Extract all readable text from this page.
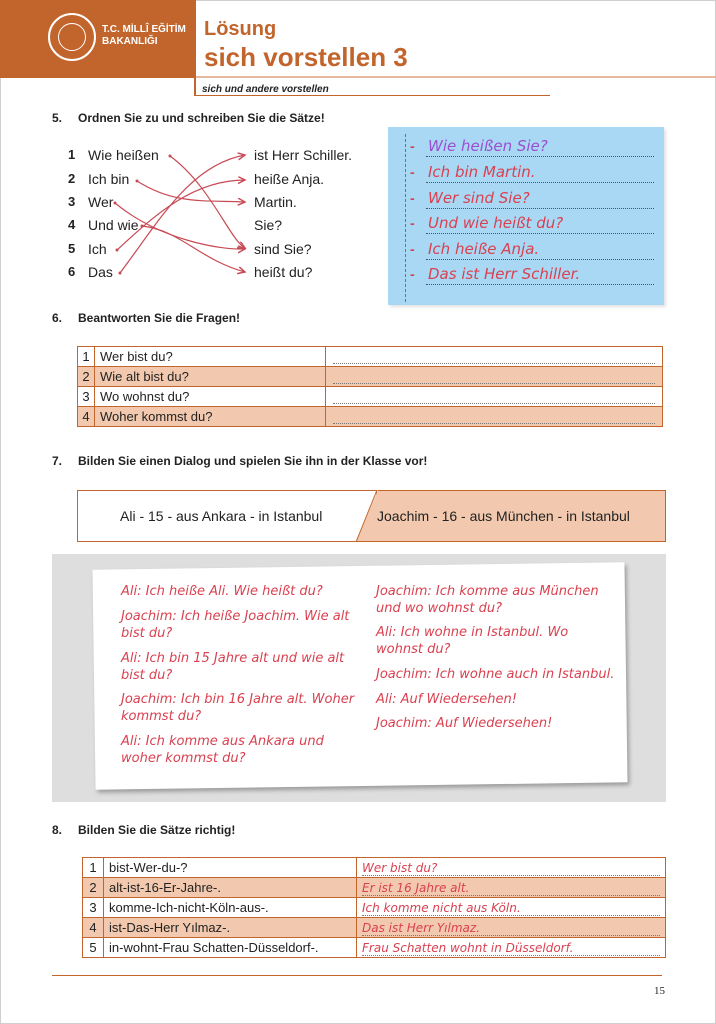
T.C. MİLLÎ EĞİTİM
BAKANLIĞI
Lösung
sich vorstellen 3
sich und andere vorstellen
5. Ordnen Sie zu und schreiben Sie die Sätze!
1 Wie heißen
2 Ich bin
3 Wer
4 Und wie
5 Ich
6 Das
ist Herr Schiller.
heiße Anja.
Martin.
Sie?
sind Sie?
heißt du?
- Wie heißen Sie?
- Ich bin Martin.
- Wer sind Sie?
- Und wie heißt du?
- Ich heiße Anja.
- Das ist Herr Schiller.
6. Beantworten Sie die Fragen!
1	Wer bist du?	

2	Wie alt bist du?	

3	Wo wohnst du?	

4	Woher kommst du?	
7. Bilden Sie einen Dialog und spielen Sie ihn in der Klasse vor!
Ali - 15 - aus Ankara - in Istanbul	Joachim - 16 - aus München - in Istanbul
Ali: Ich heiße Ali. Wie heißt du?
Joachim: Ich heiße Joachim. Wie alt
bist du?
Ali: Ich bin 15 Jahre alt und wie alt
bist du?
Joachim: Ich bin 16 Jahre alt. Woher
kommst du?
Ali: Ich komme aus Ankara und
woher kommst du?
Joachim: Ich komme aus München
und wo wohnst du?
Ali: Ich wohne in Istanbul. Wo
wohnst du?
Joachim: Ich wohne auch in Istanbul.
Ali: Auf Wiedersehen!
Joachim: Auf Wiedersehen!
8. Bilden Sie die Sätze richtig!
1	bist-Wer-du-?	Wer bist du?

2	alt-ist-16-Er-Jahre-.	Er ist 16 Jahre alt.

3	komme-Ich-nicht-Köln-aus-.	Ich komme nicht aus Köln.

4	ist-Das-Herr Yılmaz-.	Das ist Herr Yılmaz.

5	in-wohnt-Frau Schatten-Düsseldorf-.	Frau Schatten wohnt in Düsseldorf.
15
